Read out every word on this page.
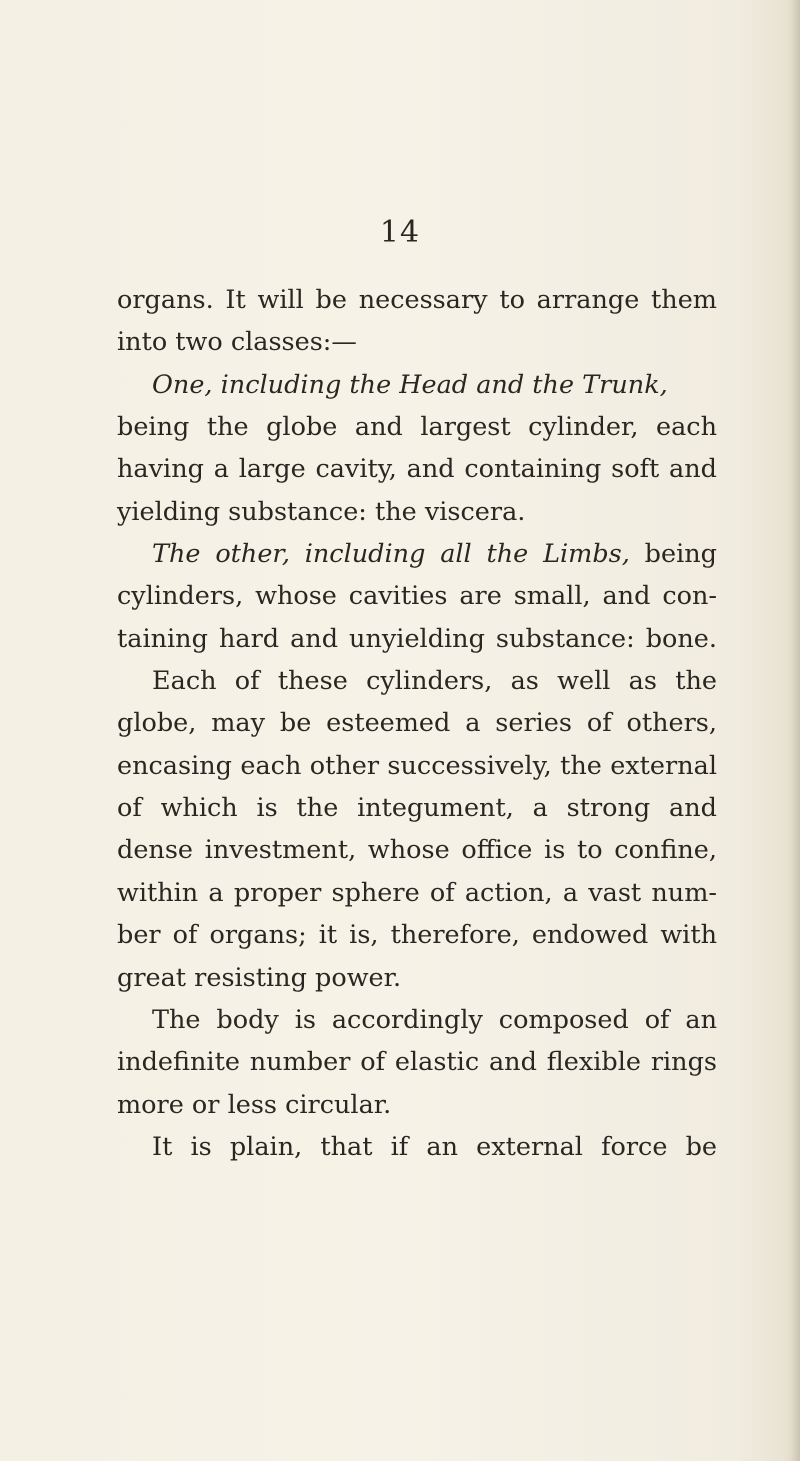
14
organs. It will be necessary to arrange them
into two classes:—
One, including the Head and the Trunk,
being the globe and largest cylinder, each
having a large cavity, and containing soft and
yielding substance: the viscera.
The other, including all the Limbs, being
cylinders, whose cavities are small, and con-
taining hard and unyielding substance: bone.
Each of these cylinders, as well as the
globe, may be esteemed a series of others,
encasing each other successively, the external
of which is the integument, a strong and
dense investment, whose office is to confine,
within a proper sphere of action, a vast num-
ber of organs; it is, therefore, endowed with
great resisting power.
The body is accordingly composed of an
indefinite number of elastic and flexible rings
more or less circular.
It is plain, that if an external force be
